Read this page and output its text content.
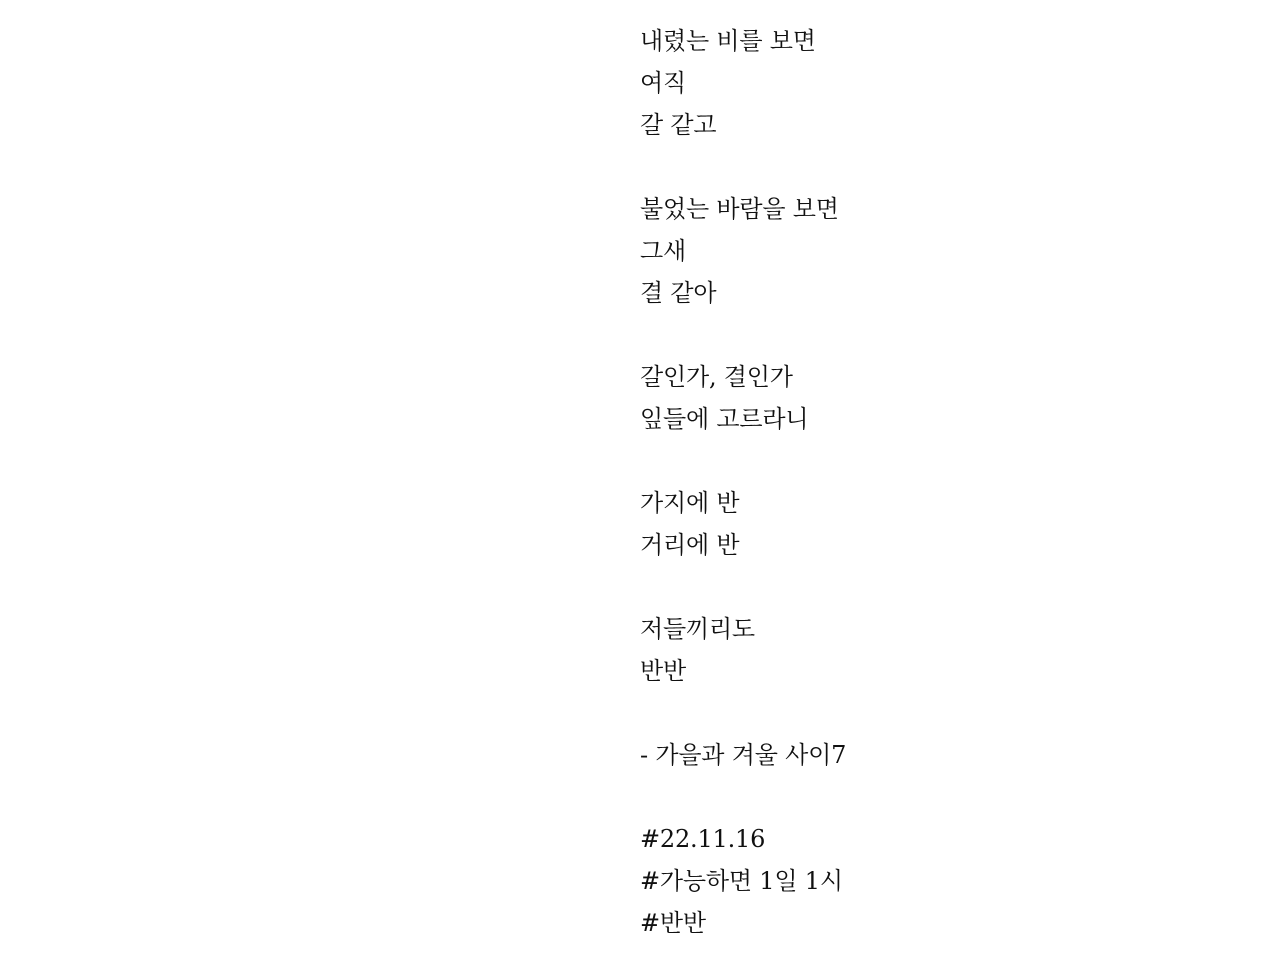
내렸는 비를 보면
여직
갈 같고
불었는 바람을 보면
그새
결 같아
갈인가, 결인가
잎들에 고르라니
가지에 반
거리에 반
저들끼리도
반반
- 가을과 겨울 사이7
#22.11.16
#가능하면 1일 1시
#반반
